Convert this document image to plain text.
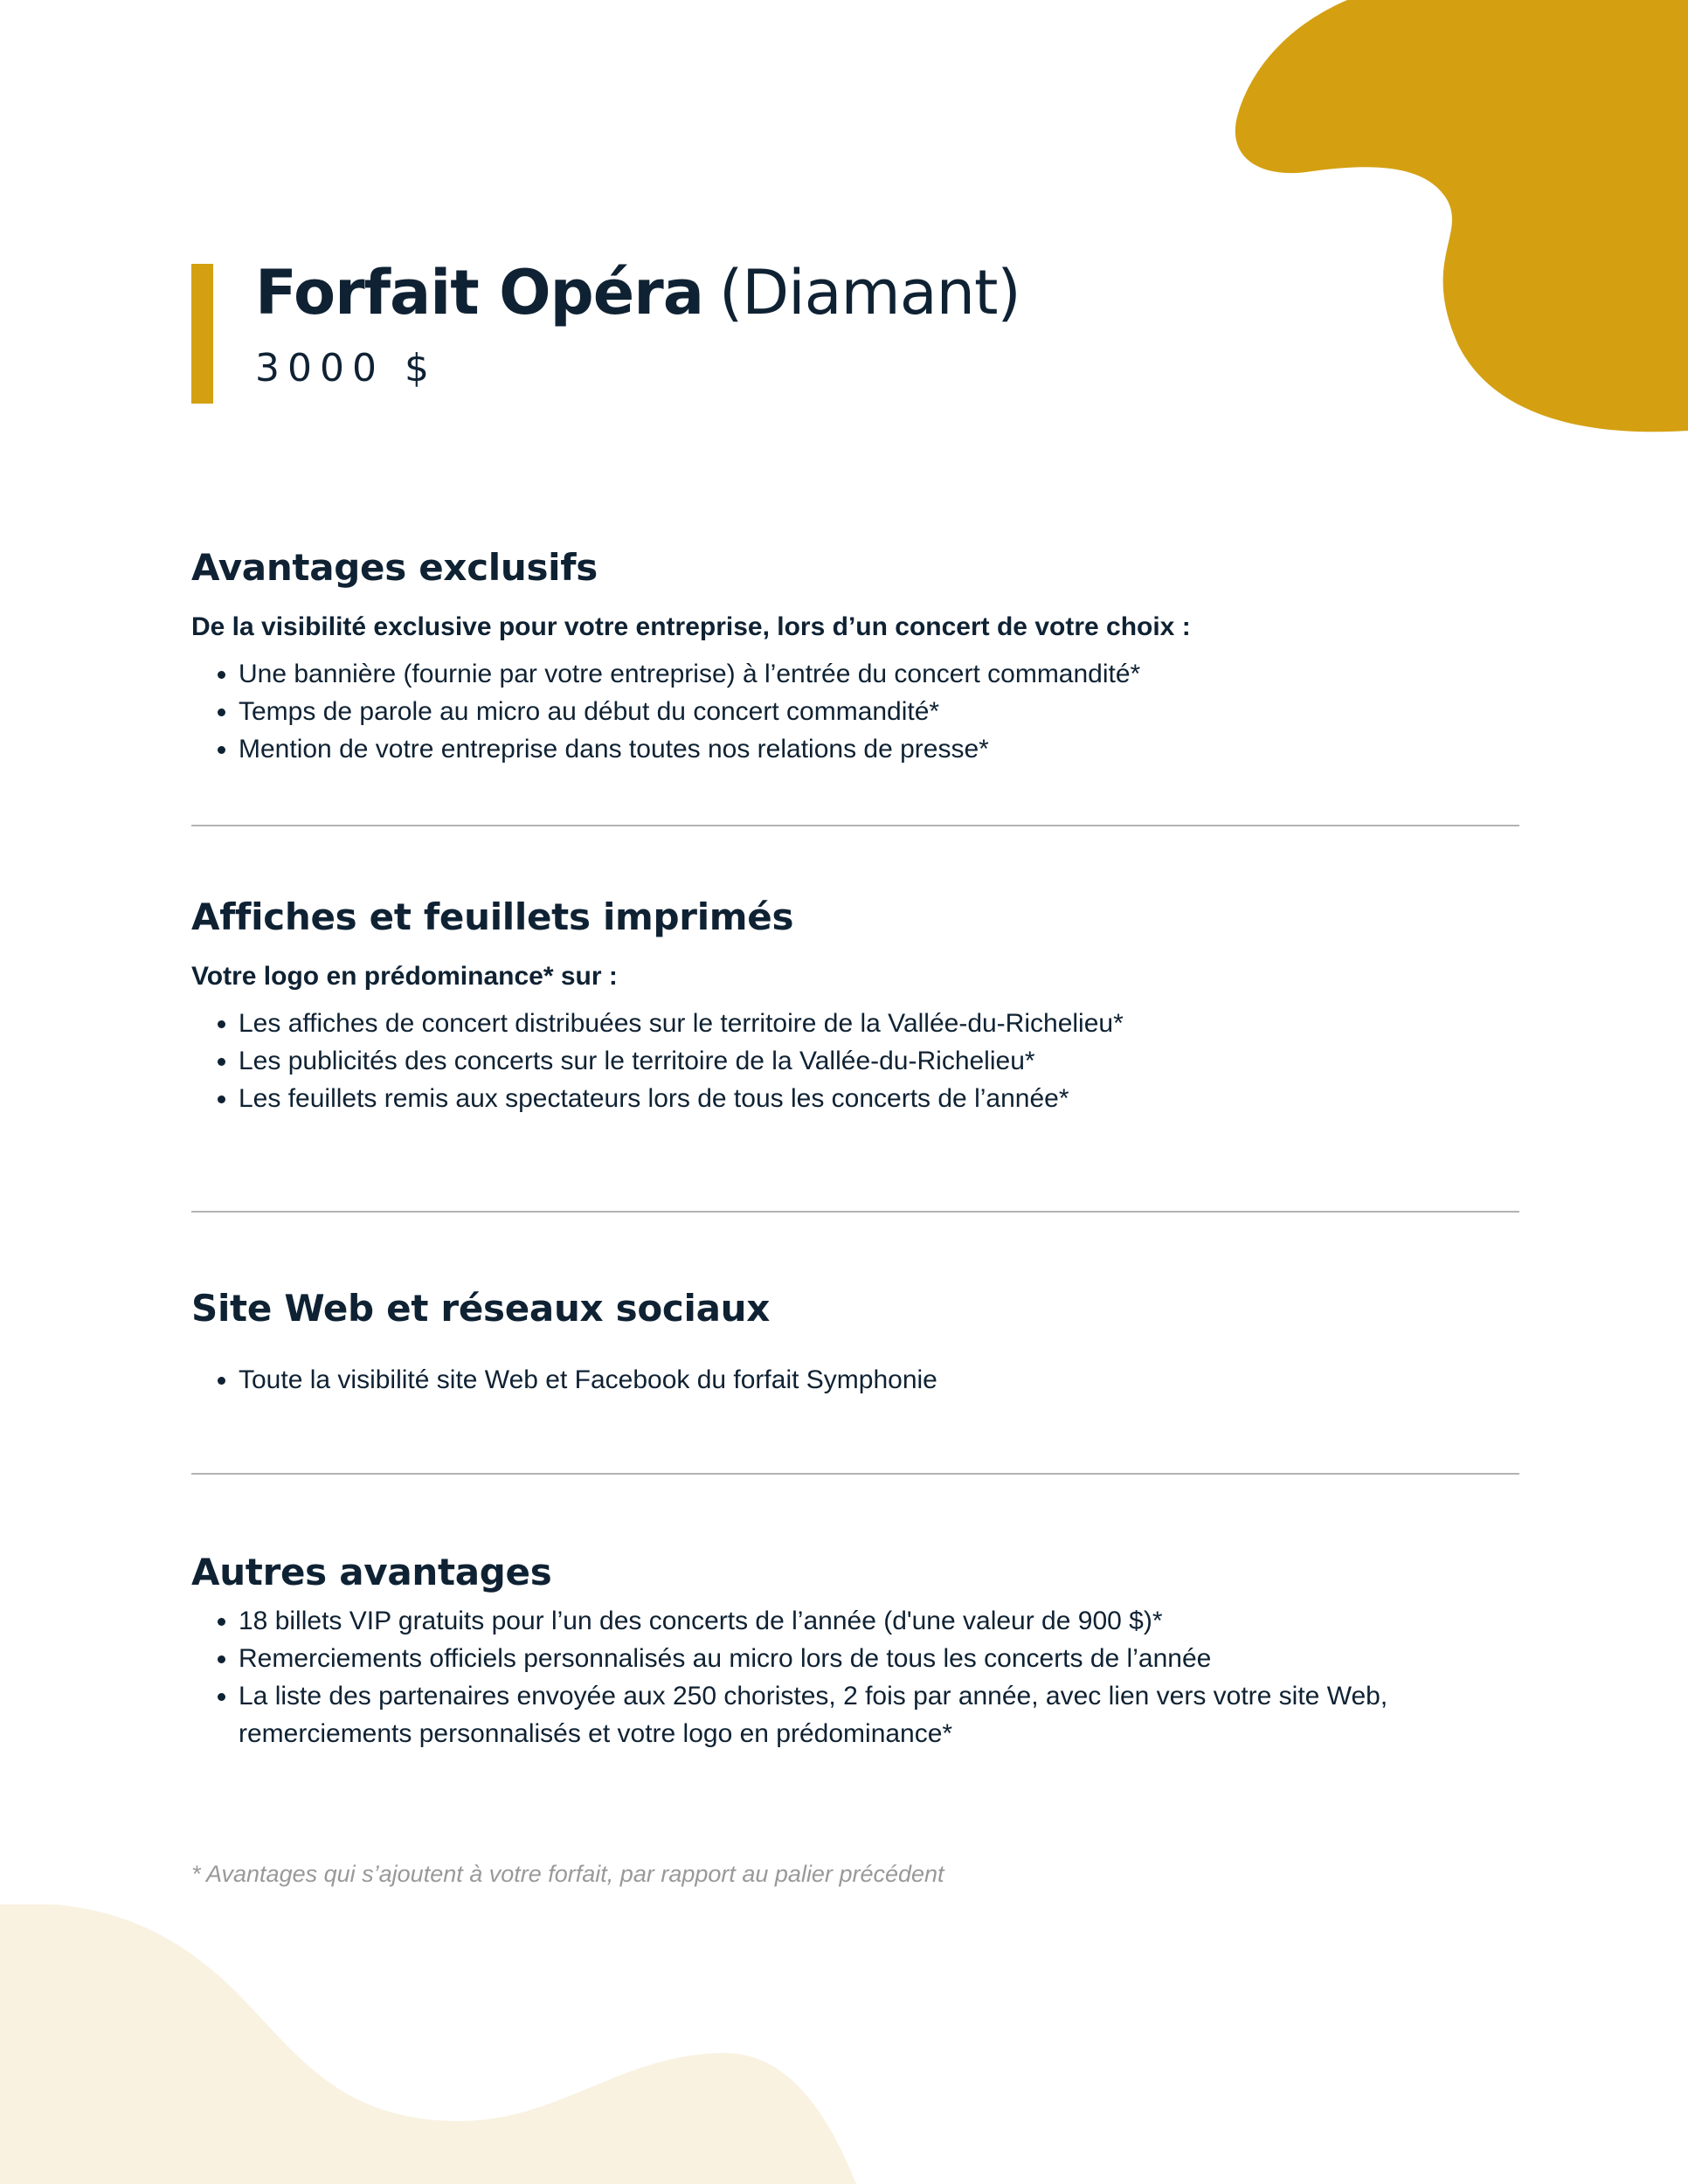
Forfait Opéra (Diamant)
3000 $
Avantages exclusifs

De la visibilité exclusive pour votre entreprise, lors d’un concert de votre choix :

• Une bannière (fournie par votre entreprise) à l’entrée du concert commandité*
• Temps de parole au micro au début du concert commandité*
• Mention de votre entreprise dans toutes nos relations de presse*
Affiches et feuillets imprimés

Votre logo en prédominance* sur :

• Les affiches de concert distribuées sur le territoire de la Vallée-du-Richelieu*
• Les publicités des concerts sur le territoire de la Vallée-du-Richelieu*
• Les feuillets remis aux spectateurs lors de tous les concerts de l’année*
Site Web et réseaux sociaux
• Toute la visibilité site Web et Facebook du forfait Symphonie
Autres avantages
• 18 billets VIP gratuits pour l’un des concerts de l’année (d'une valeur de 900 $)*
• Remerciements officiels personnalisés au micro lors de tous les concerts de l’année
• La liste des partenaires envoyée aux 250 choristes, 2 fois par année, avec lien vers votre site Web, remerciements personnalisés et votre logo en prédominance*
* Avantages qui s’ajoutent à votre forfait, par rapport au palier précédent
